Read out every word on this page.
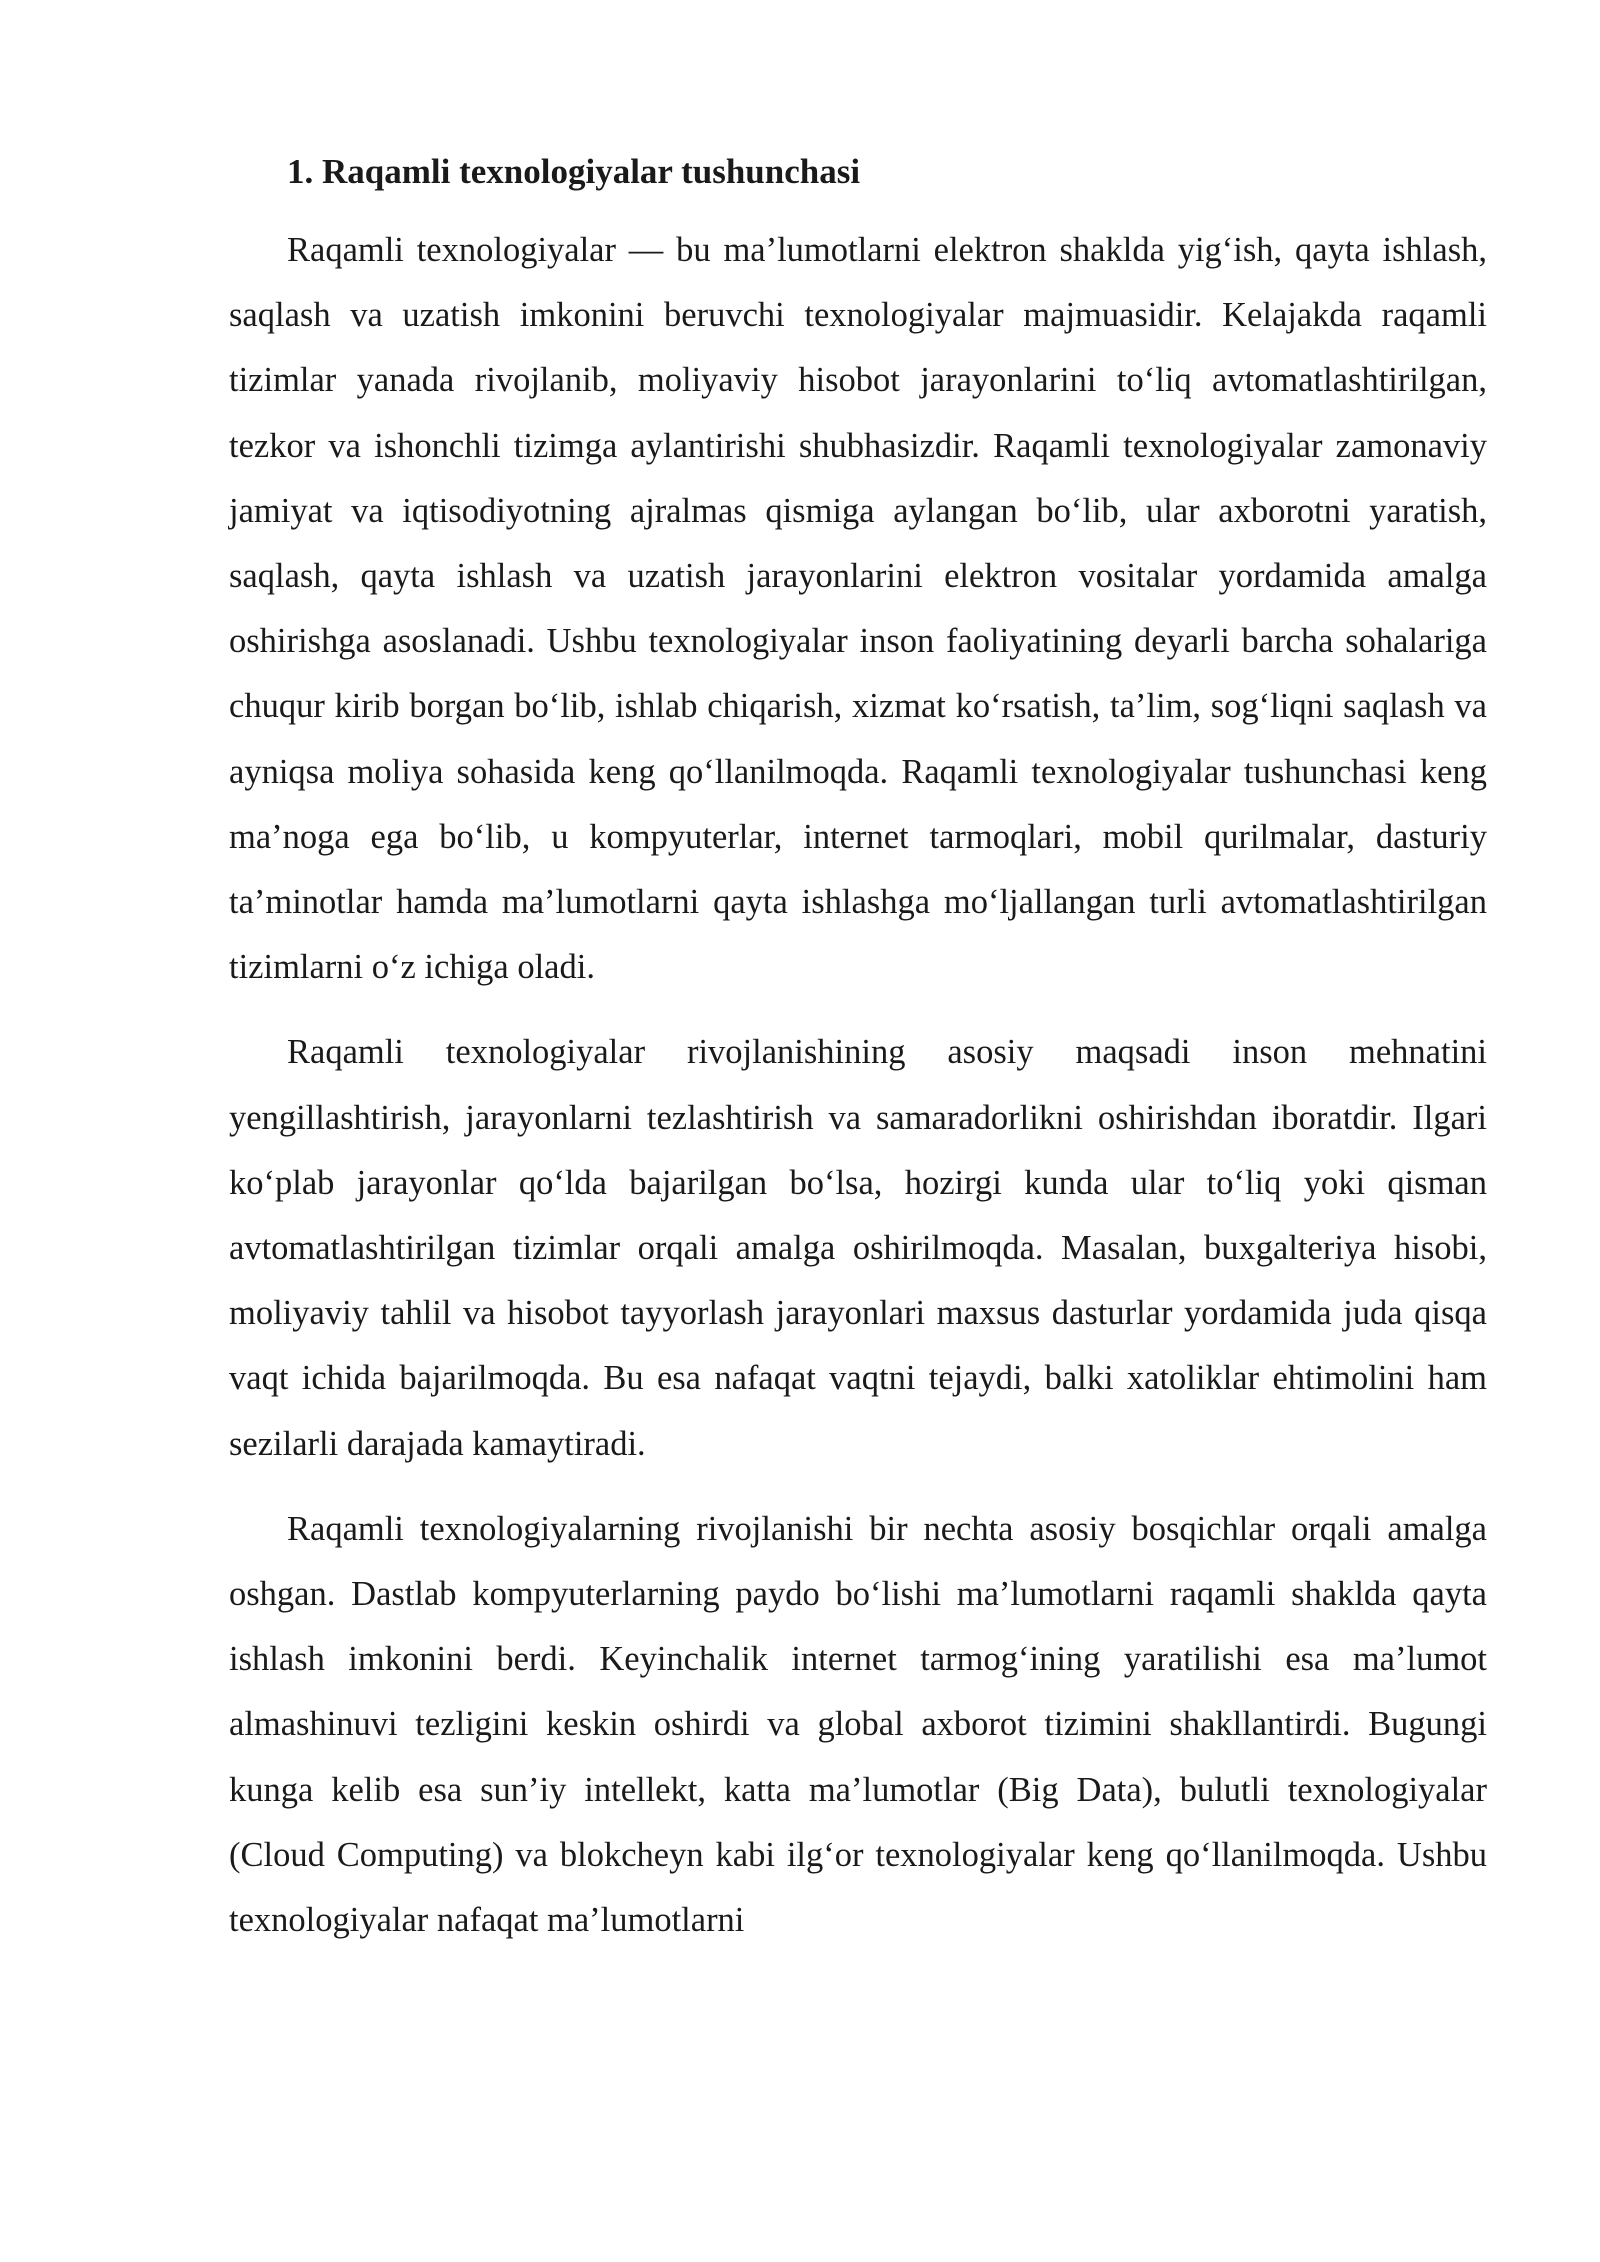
1. Raqamli texnologiyalar tushunchasi

Raqamli texnologiyalar — bu ma’lumotlarni elektron shaklda yig‘ish, qayta ishlash, saqlash va uzatish imkonini beruvchi texnologiyalar majmuasidir. Kelajakda raqamli tizimlar yanada rivojlanib, moliyaviy hisobot jarayonlarini to‘liq avtomatlashtirilgan, tezkor va ishonchli tizimga aylantirishi shubhasizdir. Raqamli texnologiyalar zamonaviy jamiyat va iqtisodiyotning ajralmas qismiga aylangan bo‘lib, ular axborotni yaratish, saqlash, qayta ishlash va uzatish jarayonlarini elektron vositalar yordamida amalga oshirishga asoslanadi. Ushbu texnologiyalar inson faoliyatining deyarli barcha sohalariga chuqur kirib borgan bo‘lib, ishlab chiqarish, xizmat ko‘rsatish, ta’lim, sog‘liqni saqlash va ayniqsa moliya sohasida keng qo‘llanilmoqda. Raqamli texnologiyalar tushunchasi keng ma’noga ega bo‘lib, u kompyuterlar, internet tarmoqlari, mobil qurilmalar, dasturiy ta’minotlar hamda ma’lumotlarni qayta ishlashga mo‘ljallangan turli avtomatlashtirilgan tizimlarni o‘z ichiga oladi.

Raqamli texnologiyalar rivojlanishining asosiy maqsadi inson mehnatini yengillashtirish, jarayonlarni tezlashtirish va samaradorlikni oshirishdan iboratdir. Ilgari ko‘plab jarayonlar qo‘lda bajarilgan bo‘lsa, hozirgi kunda ular to‘liq yoki qisman avtomatlashtirilgan tizimlar orqali amalga oshirilmoqda. Masalan, buxgalteriya hisobi, moliyaviy tahlil va hisobot tayyorlash jarayonlari maxsus dasturlar yordamida juda qisqa vaqt ichida bajarilmoqda. Bu esa nafaqat vaqtni tejaydi, balki xatoliklar ehtimolini ham sezilarli darajada kamaytiradi.

Raqamli texnologiyalarning rivojlanishi bir nechta asosiy bosqichlar orqali amalga oshgan. Dastlab kompyuterlarning paydo bo‘lishi ma’lumotlarni raqamli shaklda qayta ishlash imkonini berdi. Keyinchalik internet tarmog‘ining yaratilishi esa ma’lumot almashinuvi tezligini keskin oshirdi va global axborot tizimini shakllantirdi. Bugungi kunga kelib esa sun’iy intellekt, katta ma’lumotlar (Big Data), bulutli texnologiyalar (Cloud Computing) va blokcheyn kabi ilg‘or texnologiyalar keng qo‘llanilmoqda. Ushbu texnologiyalar nafaqat ma’lumotlarni
